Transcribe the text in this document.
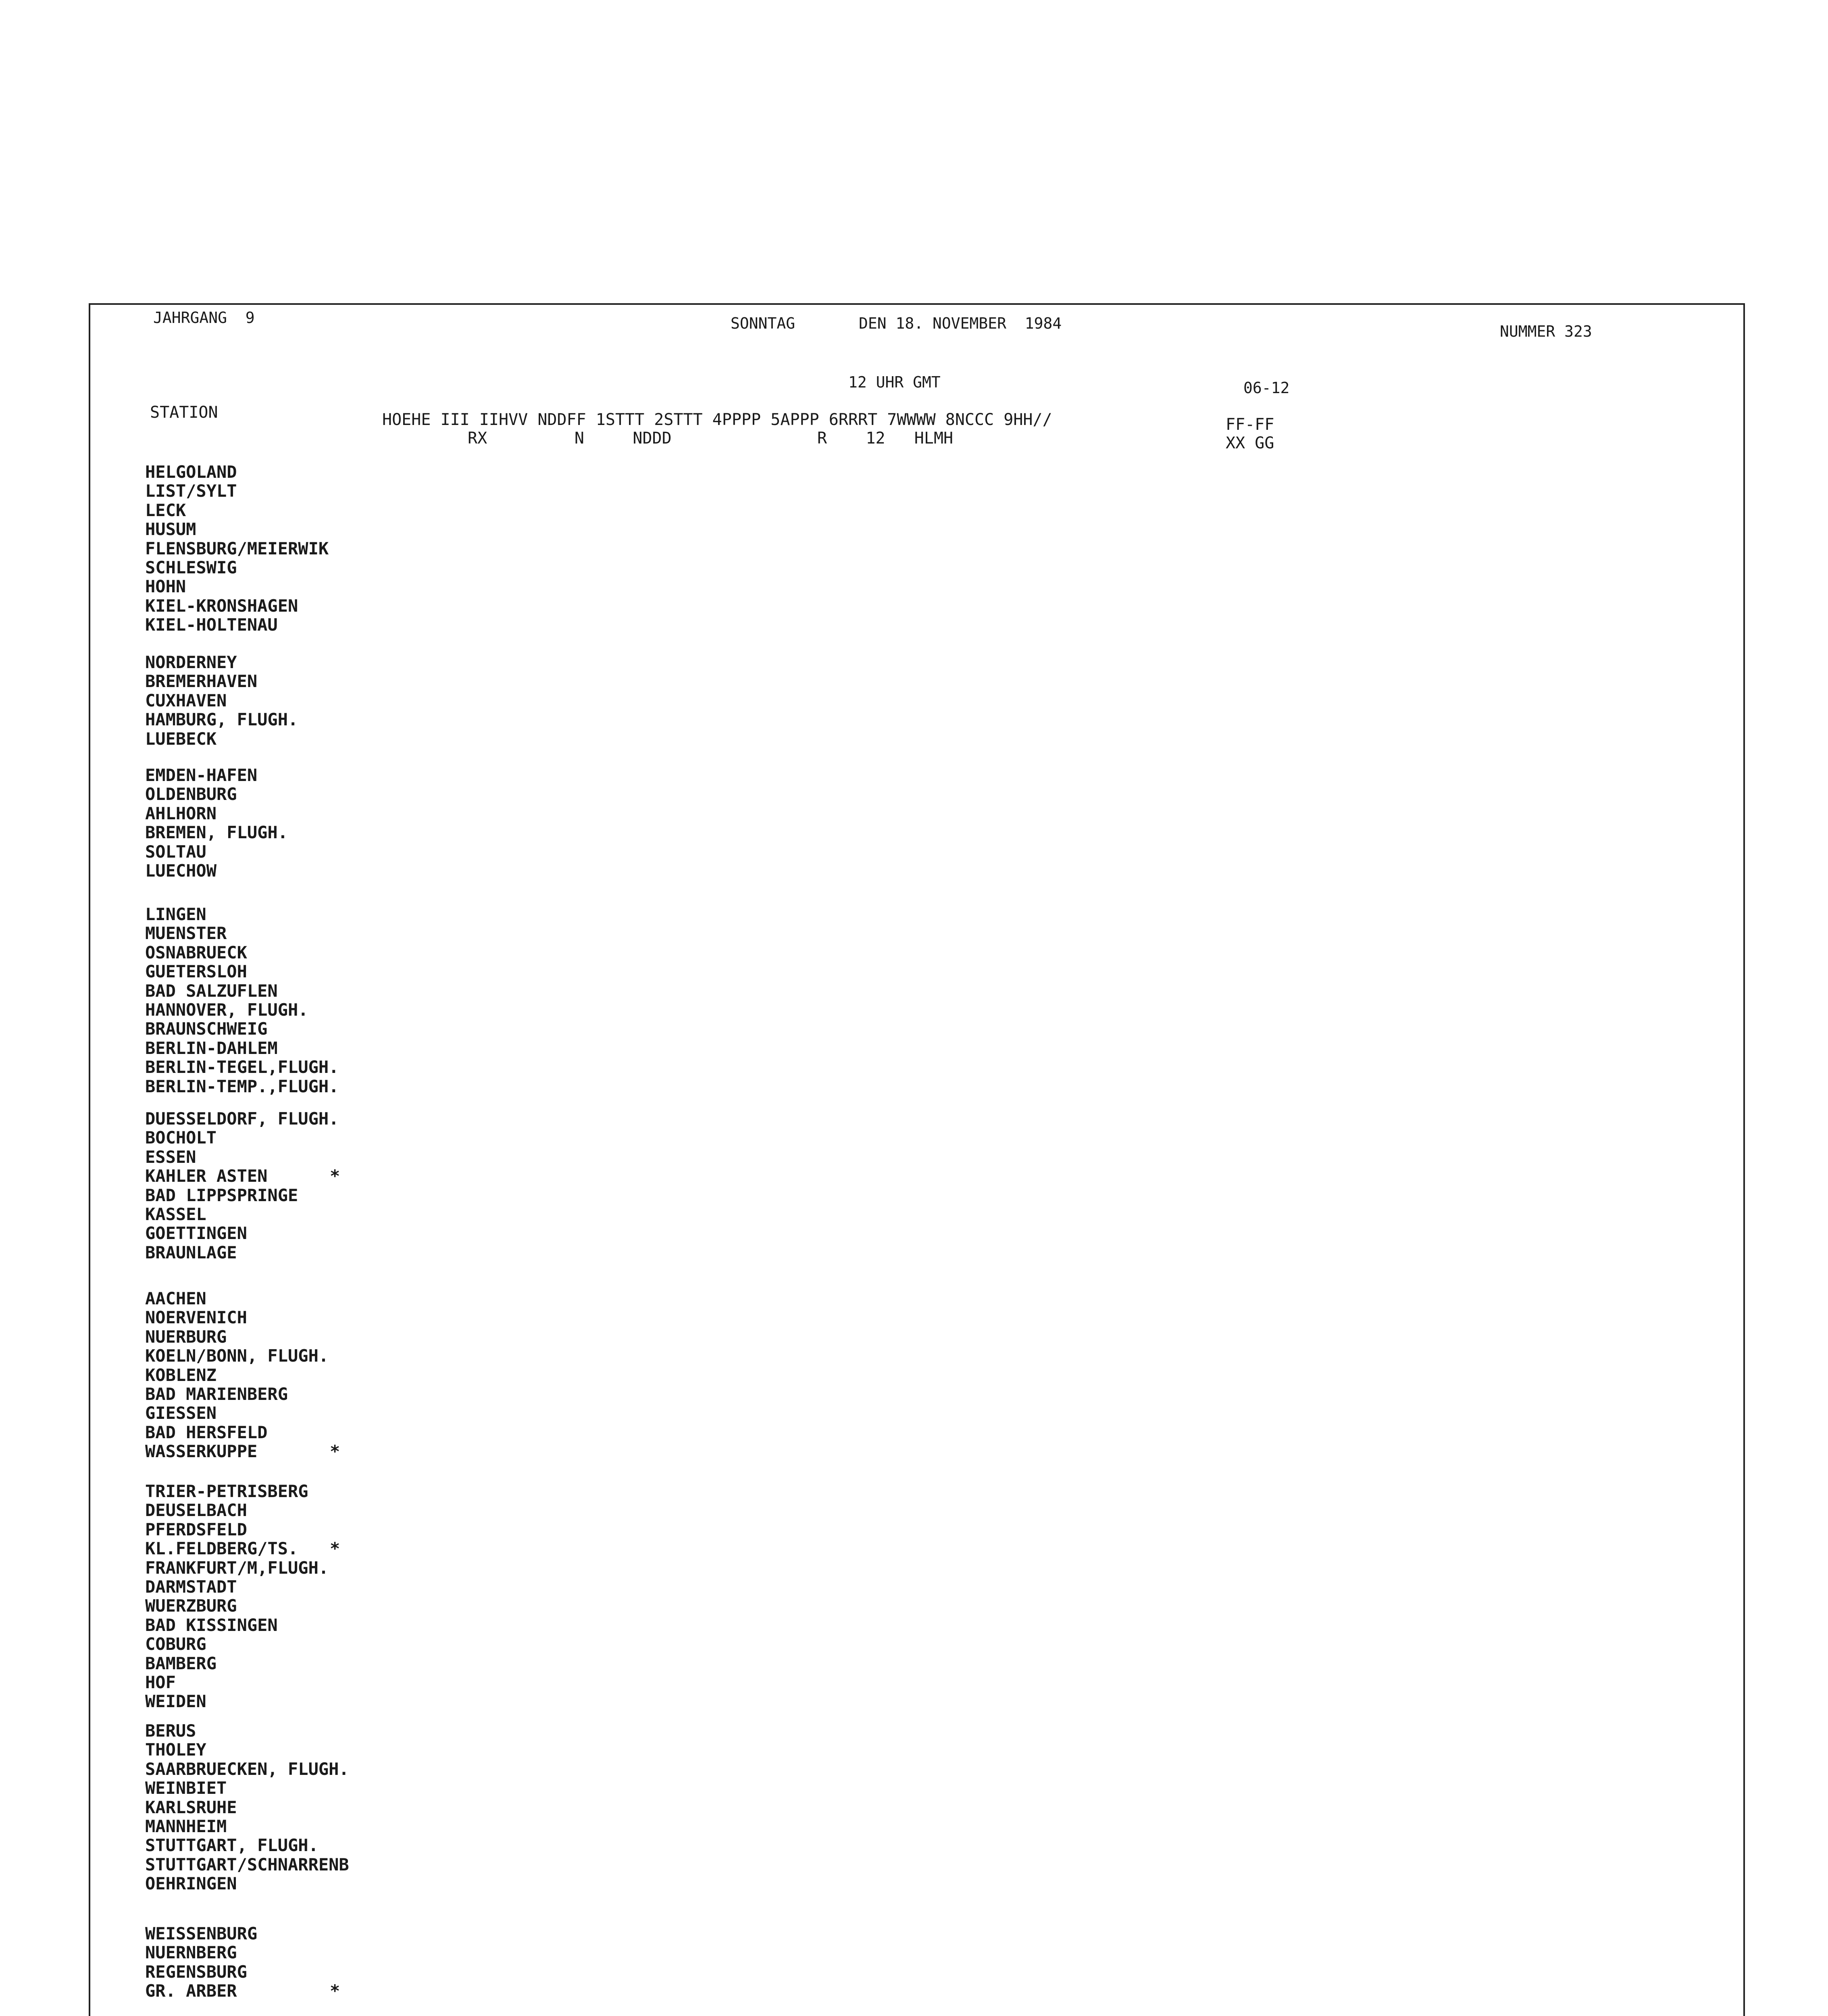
JAHRGANG  9	SONNTAG	DEN 18. NOVEMBER  1984	NUMMER 323
12 UHR GMT	06-12
STATION	HOEHE III IIHVV NDDFF 1STTT 2STTT 4PPPP 5APPP 6RRRT 7WWWW 8NCCC 9HH//
RX         N     NDDD               R    12   HLMH
FF-FF
XX GG
HELGOLAND
LIST/SYLT
LECK
HUSUM
FLENSBURG/MEIERWIK
SCHLESWIG
HOHN
KIEL-KRONSHAGEN
KIEL-HOLTENAU
NORDERNEY
BREMERHAVEN
CUXHAVEN
HAMBURG, FLUGH.
LUEBECK
EMDEN-HAFEN
OLDENBURG
AHLHORN
BREMEN, FLUGH.
SOLTAU
LUECHOW
LINGEN
MUENSTER
OSNABRUECK
GUETERSLOH
BAD SALZUFLEN
HANNOVER, FLUGH.
BRAUNSCHWEIG
BERLIN-DAHLEM
BERLIN-TEGEL,FLUGH.
BERLIN-TEMP.,FLUGH.
DUESSELDORF, FLUGH.
BOCHOLT
ESSEN
KAHLER ASTEN	*
BAD LIPPSPRINGE
KASSEL
GOETTINGEN
BRAUNLAGE
AACHEN
NOERVENICH
NUERBURG
KOELN/BONN, FLUGH.
KOBLENZ
BAD MARIENBERG
GIESSEN
BAD HERSFELD
WASSERKUPPE	*
TRIER-PETRISBERG
DEUSELBACH
PFERDSFELD
KL.FELDBERG/TS.	*
FRANKFURT/M,FLUGH.
DARMSTADT
WUERZBURG
BAD KISSINGEN
COBURG
BAMBERG
HOF
WEIDEN
BERUS
THOLEY
SAARBRUECKEN, FLUGH.
WEINBIET
KARLSRUHE
MANNHEIM
STUTTGART, FLUGH.
STUTTGART/SCHNARRENB
OEHRINGEN
WEISSENBURG
NUERNBERG
REGENSBURG
GR. ARBER	*
